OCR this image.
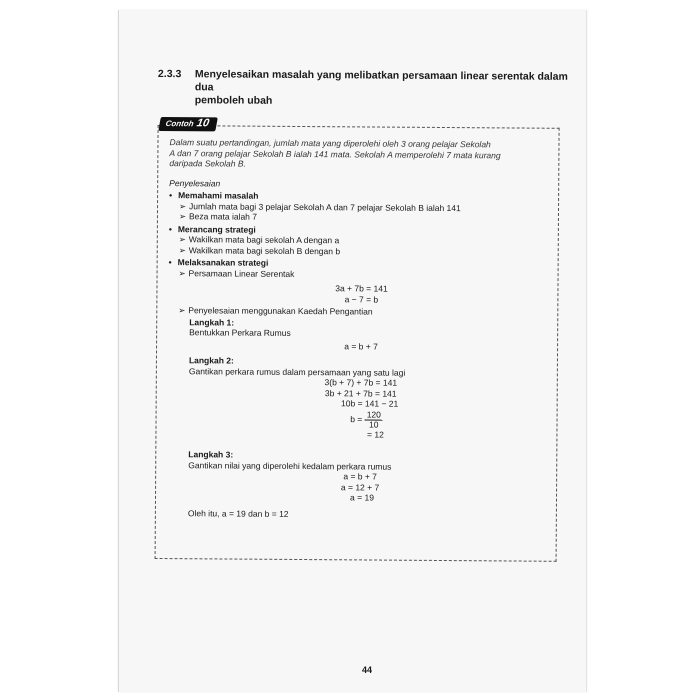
2.3.3 Menyelesaikan masalah yang melibatkan persamaan linear serentak dalam dua
pemboleh ubah
Contoh10
Dalam suatu pertandingan, jumlah mata yang diperolehi oleh 3 orang pelajar Sekolah
A dan 7 orang pelajar Sekolah B ialah 141 mata. Sekolah A memperolehi 7 mata kurang
daripada Sekolah B.
Penyelesaian
• Memahami masalah
➢ Jumlah mata bagi 3 pelajar Sekolah A dan 7 pelajar Sekolah B ialah 141
➢ Beza mata ialah 7
• Merancang strategi
➢ Wakilkan mata bagi sekolah A dengan a
➢ Wakilkan mata bagi sekolah B dengan b
• Melaksanakan strategi
➢ Persamaan Linear Serentak
3a + 7b = 141
a − 7 = b
➢ Penyelesaian menggunakan Kaedah Pengantian
Langkah 1:
Bentukkan Perkara Rumus
a = b + 7
Langkah 2:
Gantikan perkara rumus dalam persamaan yang satu lagi
3(b + 7) + 7b = 141
3b + 21 + 7b = 141
10b = 141 − 21
$b = \frac{120}{10}$
= 12
Langkah 3:
Gantikan nilai yang diperolehi kedalam perkara rumus
a = b + 7
a = 12 + 7
a = 19
Oleh itu, a = 19 dan b = 12
44
